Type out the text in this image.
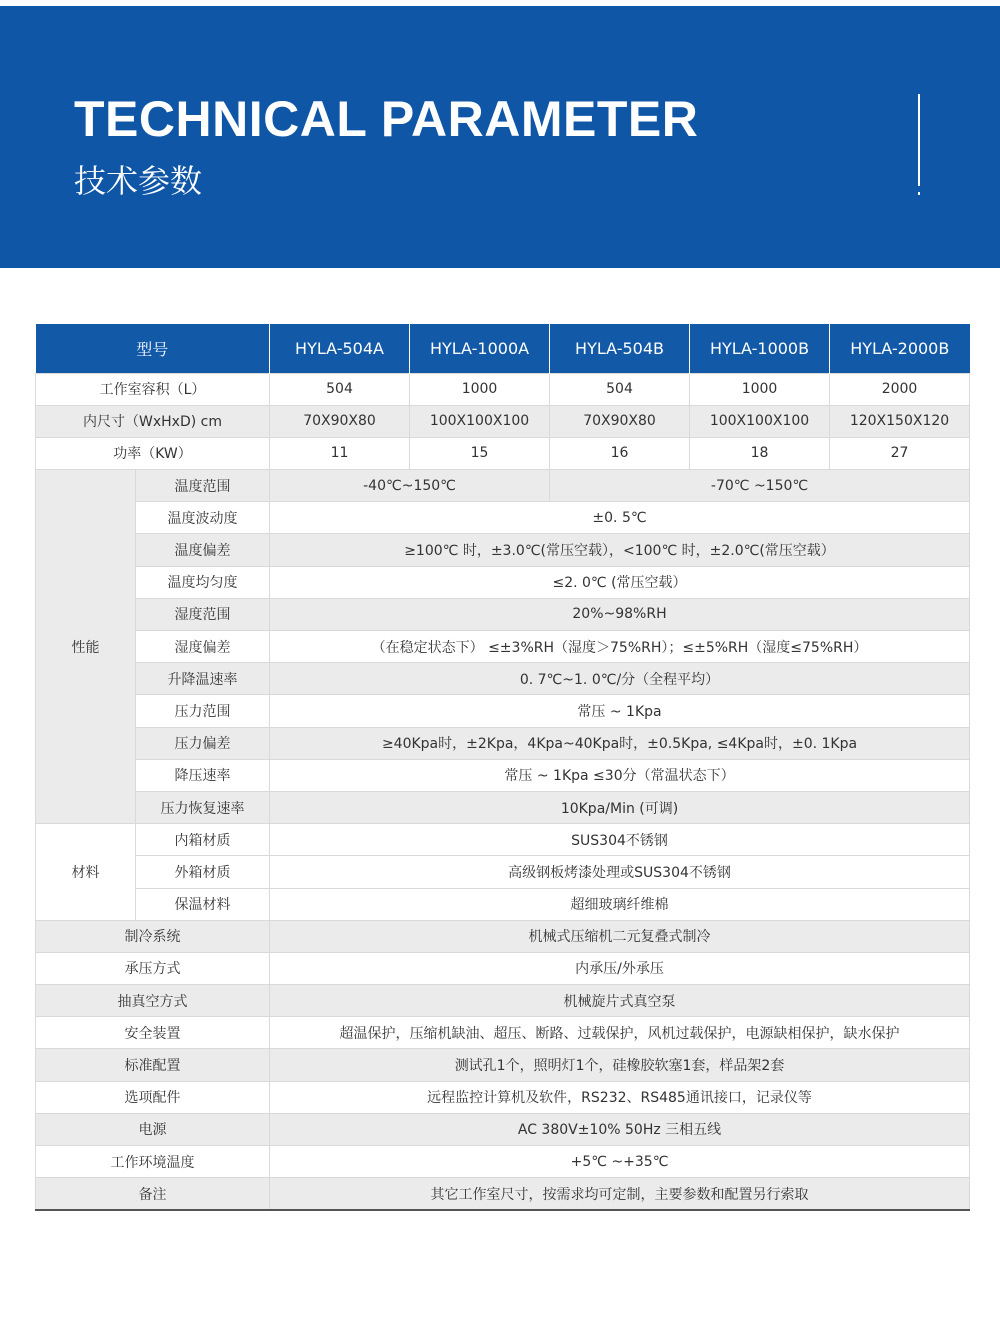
TECHNICAL PARAMETER
技术参数
型号		HYLA-504A	HYLA-1000A	HYLA-504B	HYLA-1000B	HYLA-2000B
工作室容积（L）		504	1000	504	1000	2000
内尺寸（WxHxD) cm		70X90X80	100X100X100	70X90X80	100X100X100	120X150X120
功率（KW）		11	15	16	18	27
性能	温度范围	-40℃~150℃		-70℃ ~150℃		
	温度波动度	±0. 5℃				
	温度偏差	≥100℃ 时，±3.0℃(常压空载），<100℃ 时，±2.0℃(常压空载）				
	温度均匀度	≤2. 0℃ (常压空载）				
	湿度范围	20%~98%RH				
	湿度偏差	（在稳定状态下） ≤±3%RH（湿度＞75%RH）；≤±5%RH（湿度≤75%RH）				
	升降温速率	0. 7℃~1. 0℃/分（全程平均）				
	压力范围	常压 ~ 1Kpa				
	压力偏差	≥40Kpa时，±2Kpa，4Kpa~40Kpa时，±0.5Kpa, ≤4Kpa时，±0. 1Kpa				
	降压速率	常压 ~ 1Kpa ≤30分（常温状态下）				
	压力恢复速率	10Kpa/Min (可调)				
材料	内箱材质	SUS304不锈钢				
	外箱材质	高级钢板烤漆处理或SUS304不锈钢				
	保温材料	超细玻璃纤维棉				
制冷系统		机械式压缩机二元复叠式制冷				
承压方式		内承压/外承压				
抽真空方式		机械旋片式真空泵				
安全装置		超温保护，压缩机缺油、超压、断路、过载保护，风机过载保护，电源缺相保护，缺水保护				
标准配置		测试孔1个，照明灯1个，硅橡胶软塞1套，样品架2套				
选项配件		远程监控计算机及软件，RS232、RS485通讯接口，记录仪等				
电源		AC 380V±10% 50Hz 三相五线				
工作环境温度		+5℃ ~+35℃				
备注		其它工作室尺寸，按需求均可定制，主要参数和配置另行索取				
